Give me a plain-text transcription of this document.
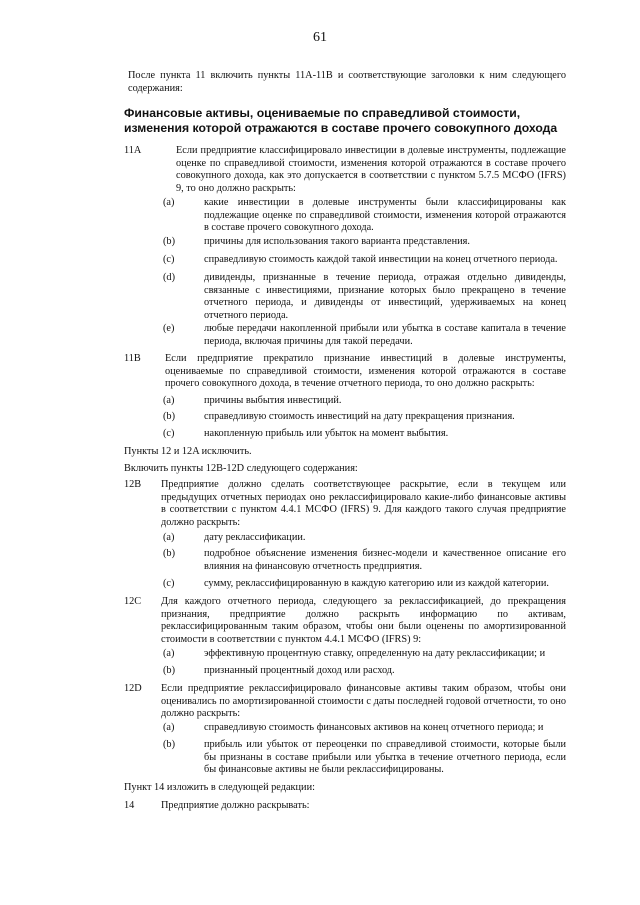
61
После пункта 11 включить пункты 11A-11B и соответствующие заголовки к ним следующего содержания:
Финансовые активы, оцениваемые по справедливой стоимости, изменения которой отражаются в составе прочего совокупного дохода
11A	Если предприятие классифицировало инвестиции в долевые инструменты, подлежащие оценке по справедливой стоимости, изменения которой отражаются в составе прочего совокупного дохода, как это допускается в соответствии с пунктом 5.7.5 МСФО (IFRS) 9, то оно должно раскрыть:
(a)	какие инвестиции в долевые инструменты были классифицированы как подлежащие оценке по справедливой стоимости, изменения которой отражаются в составе прочего совокупного дохода.
(b)	причины для использования такого варианта представления.
(c)	справедливую стоимость каждой такой инвестиции на конец отчетного периода.
(d)	дивиденды, признанные в течение периода, отражая отдельно дивиденды, связанные с инвестициями, признание которых было прекращено в течение отчетного периода, и дивиденды от инвестиций, удерживаемых на конец отчетного периода.
(e)	любые передачи накопленной прибыли или убытка в составе капитала в течение периода, включая причины для такой передачи.
11B Если предприятие прекратило признание инвестиций в долевые инструменты, оцениваемые по справедливой стоимости, изменения которой отражаются в составе прочего совокупного дохода, в течение отчетного периода, то оно должно раскрыть:
(a)	причины выбытия инвестиций.
(b)	справедливую стоимость инвестиций на дату прекращения признания.
(c)	накопленную прибыль или убыток на момент выбытия.
Пункты 12 и 12A исключить.
Включить пункты 12B-12D следующего содержания:
12B Предприятие должно сделать соответствующее раскрытие, если в текущем или предыдущих отчетных периодах оно реклассифицировало какие-либо финансовые активы в соответствии с пунктом 4.4.1 МСФО (IFRS) 9. Для каждого такого случая предприятие должно раскрыть:
(a)	дату реклассификации.
(b)	подробное объяснение изменения бизнес-модели и качественное описание его влияния на финансовую отчетность предприятия.
(c)	сумму, реклассифицированную в каждую категорию или из каждой категории.
12C Для каждого отчетного периода, следующего за реклассификацией, до прекращения признания, предприятие должно раскрыть информацию по активам, реклассифицированным таким образом, чтобы они были оценены по амортизированной стоимости в соответствии с пунктом 4.4.1 МСФО (IFRS) 9:
(a)	эффективную процентную ставку, определенную на дату реклассификации; и
(b)	признанный процентный доход или расход.
12D Если предприятие реклассифицировало финансовые активы таким образом, чтобы они оценивались по амортизированной стоимости с даты последней годовой отчетности, то оно должно раскрыть:
(a)	справедливую стоимость финансовых активов на конец отчетного периода; и
(b)	прибыль или убыток от переоценки по справедливой стоимости, которые были бы признаны в составе прибыли или убытка в течение отчетного периода, если бы финансовые активы не были реклассифицированы.
Пункт 14 изложить в следующей редакции:
14	Предприятие должно раскрывать:
